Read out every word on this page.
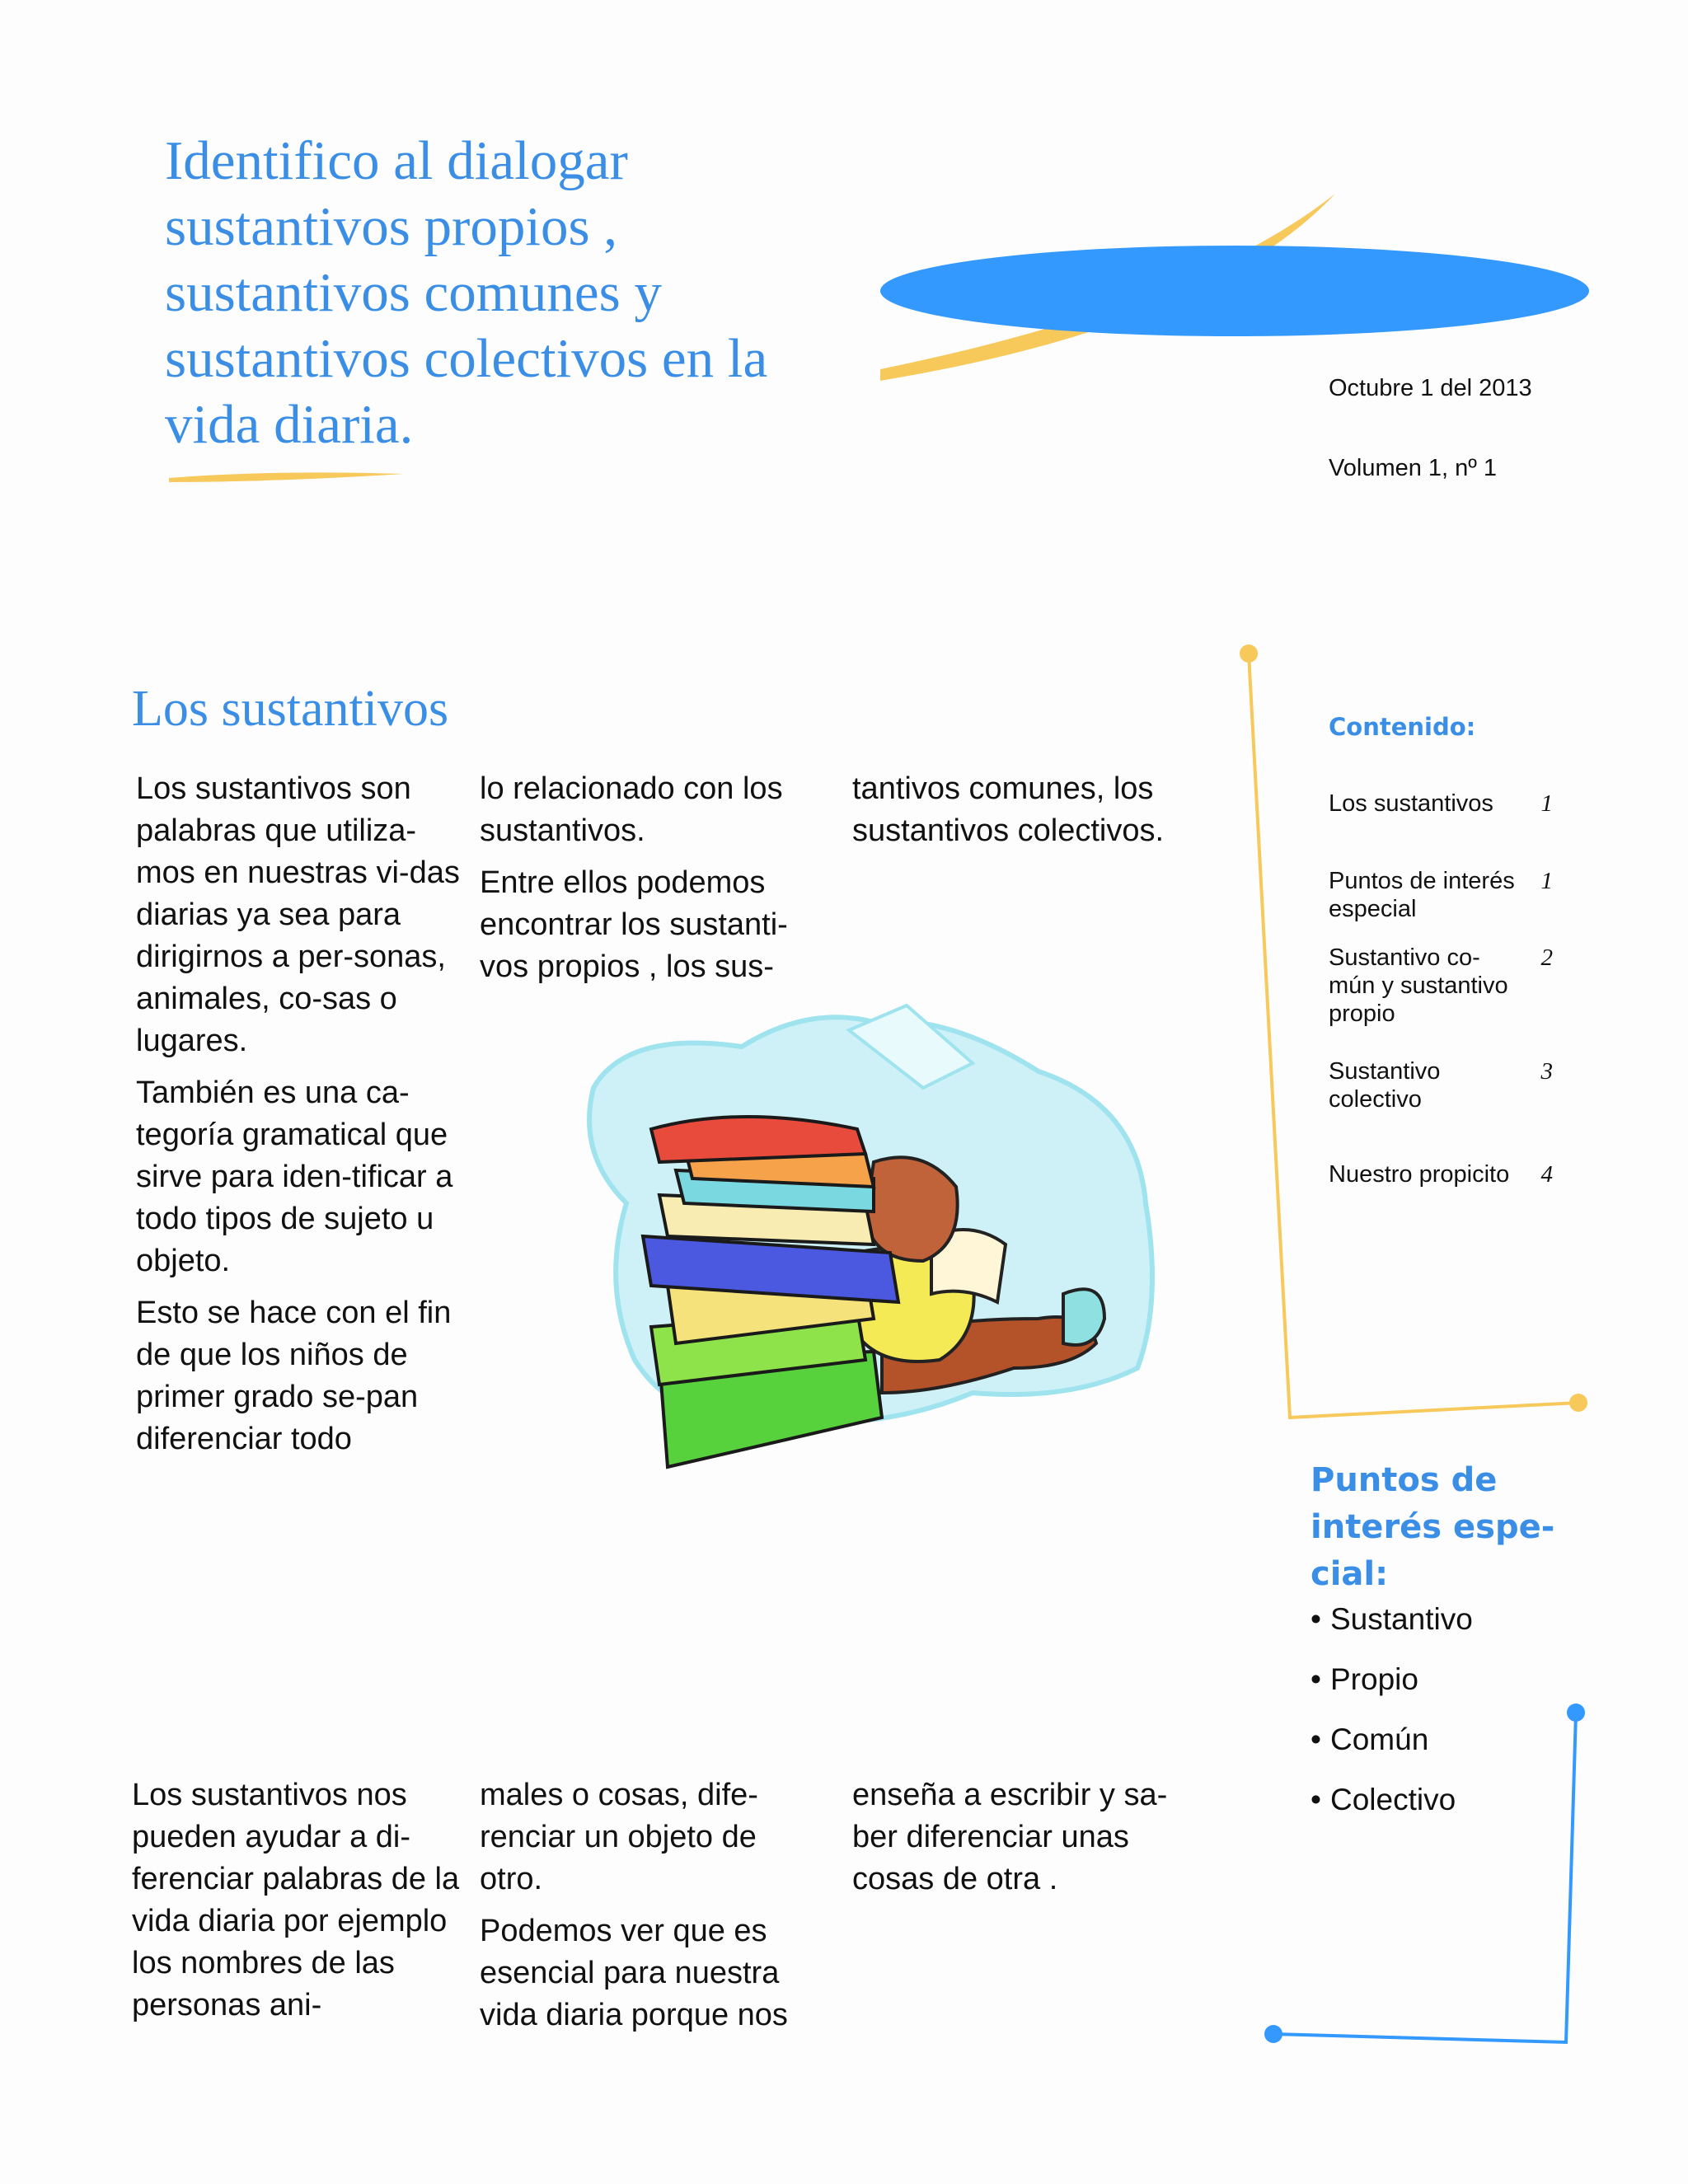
Identifico al dialogar
sustantivos propios ,
sustantivos comunes y
sustantivos colectivos en la
vida diaria.
Octubre 1 del 2013
Volumen 1, nº 1
Los sustantivos

Los sustantivos son palabras que utiliza-mos en nuestras vi-das diarias ya sea para dirigirnos a per-sonas, animales, co-sas o lugares.

También es una ca-tegoría gramatical que sirve para iden-tificar a todo tipos de sujeto u objeto.

Esto se hace con el fin de que los niños de primer grado se-pan diferenciar todo

lo relacionado con los sustantivos.

Entre ellos podemos encontrar los sustanti-vos propios , los sus-

tantivos comunes, los sustantivos colectivos.

Los sustantivos nos pueden ayudar a di-ferenciar palabras de la vida diaria por ejemplo los nombres de las personas ani-

males o cosas, dife-renciar un objeto de otro.

Podemos ver que es esencial para nuestra vida diaria porque nos

enseña a escribir y sa-ber diferenciar unas cosas de otra .

Contenido:
Los sustantivos	1
Puntos de interés especial
1
Sustantivo co-mún y sustantivo propio
2
Sustantivo colectivo
3
Nuestro propicito	4
Puntos de interés espe-cial:
• Sustantivo
• Propio
• Común
• Colectivo
